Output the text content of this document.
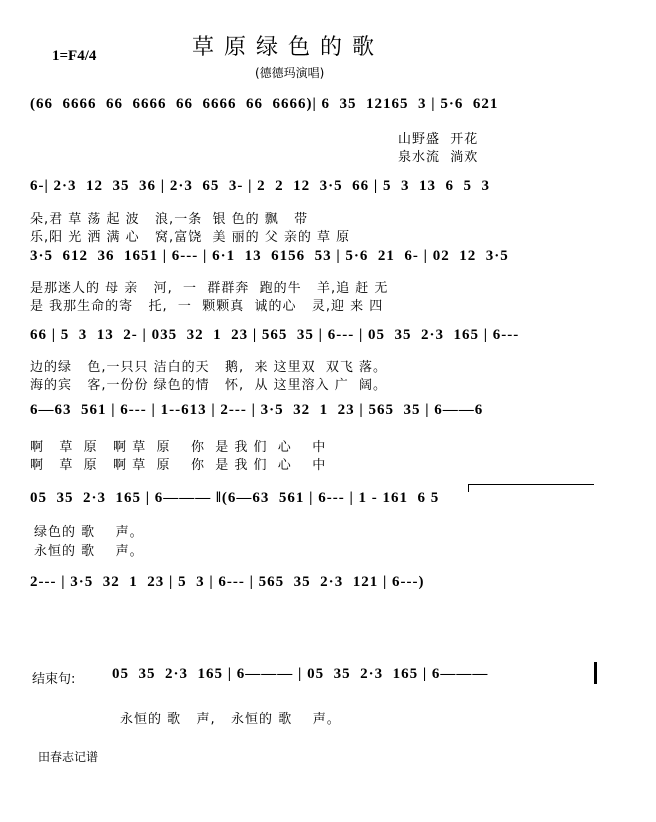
草原绿色的歌
1=F4/4
(德德玛演唱)
(66  6666  66  6666  66  6666  66  6666)| 6  35  12165  3 | 5·6  621
山野盛  开花
泉水流  淌欢
6-| 2·3  12  35  36 | 2·3  65  3- | 2  2  12  3·5  66 | 5  3  13  6  5  3
朵,君 草 荡 起 波   浪,一条  银 色的 飘   带
乐,阳 光 洒 满 心   窝,富饶  美 丽的 父 亲的 草 原
3·5  612  36  1651 | 6--- | 6·1  13  6156  53 | 5·6  21  6- | 02  12  3·5
是那迷人的 母 亲   河,  一  群群奔  跑的牛   羊,追 赶 无
是 我那生命的寄   托,  一  颗颗真  诚的心   灵,迎 来 四
66 | 5  3  13  2- | 035  32  1  23 | 565  35 | 6--- | 05  35  2·3  165 | 6---
边的绿   色,一只只 洁白的天   鹅,  来 这里双  双飞 落。
海的宾   客,一份份 绿色的情   怀,  从 这里溶入 广  阔。
6—63  561 | 6--- | 1--613 | 2--- | 3·5  32  1  23 | 565  35 | 6——6
啊   草  原   啊 草  原    你  是 我 们  心    中
啊   草  原   啊 草  原    你  是 我 们  心    中
05  35  2·3  165 | 6——— ‖(6—63  561 | 6--- | 1 - 161  6 5
绿色的 歌    声。
永恒的 歌    声。
2--- | 3·5  32  1  23 | 5  3 | 6--- | 565  35  2·3  121 | 6---)
结束句: 05  35  2·3  165 | 6——— | 05  35  2·3  165 | 6———
永恒的 歌   声,   永恒的 歌    声。
田春志记谱
